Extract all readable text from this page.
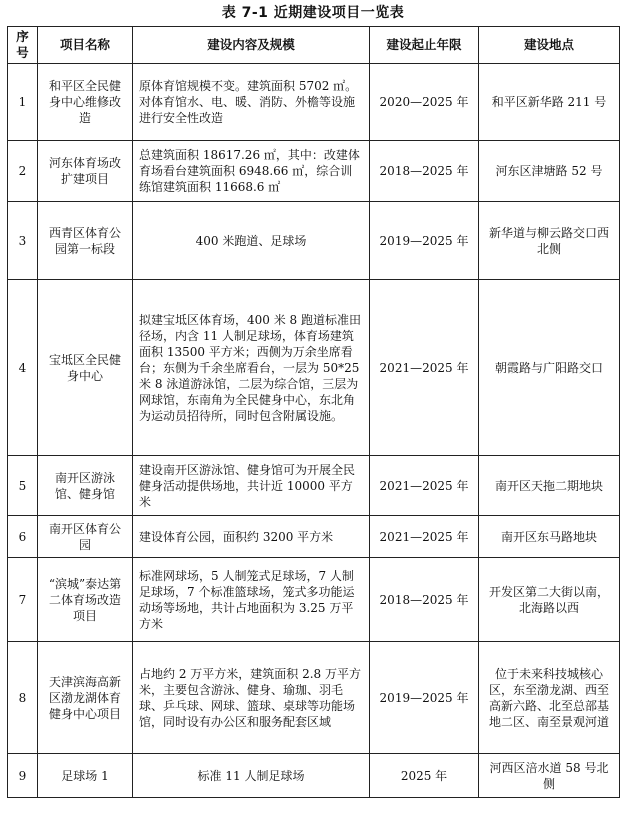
表 7-1 近期建设项目一览表
序号	项目名称	建设内容及规模	建设起止年限	建设地点
1	和平区全民健身中心维修改造	原体育馆规模不变。建筑面积 5702 ㎡。对体育馆水、电、暖、消防、外檐等设施进行安全性改造	2020—2025 年	和平区新华路 211 号
2	河东体育场改扩建项目	总建筑面积 18617.26 ㎡，其中：改建体育场看台建筑面积 6948.66 ㎡，综合训练馆建筑面积 11668.6 ㎡	2018—2025 年	河东区津塘路 52 号
3	西青区体育公园第一标段	400 米跑道、足球场	2019—2025 年	新华道与柳云路交口西北侧
4	宝坻区全民健身中心	拟建宝坻区体育场，400 米 8 跑道标准田径场，内含 11 人制足球场，体育场建筑面积 13500 平方米；西侧为万余坐席看台；东侧为千余坐席看台，一层为 50*25 米 8 泳道游泳馆，二层为综合馆，三层为网球馆，东南角为全民健身中心，东北角为运动员招待所，同时包含附属设施。	2021—2025 年	朝霞路与广阳路交口
5	南开区游泳馆、健身馆	建设南开区游泳馆、健身馆可为开展全民健身活动提供场地，共计近 10000 平方米	2021—2025 年	南开区天拖二期地块
6	南开区体育公园	建设体育公园，面积约 3200 平方米	2021—2025 年	南开区东马路地块
7	“滨城”泰达第二体育场改造项目	标准网球场，5 人制笼式足球场，7 人制足球场，7 个标准篮球场，笼式多功能运动场等场地，共计占地面积为 3.25 万平方米	2018—2025 年	开发区第二大街以南，北海路以西
8	天津滨海高新区渤龙湖体育健身中心项目	占地约 2 万平方米，建筑面积 2.8 万平方米，主要包含游泳、健身、瑜珈、羽毛球、乒乓球、网球、篮球、桌球等功能场馆，同时设有办公区和服务配套区域	2019—2025 年	位于未来科技城核心区，东至渤龙湖、西至高新六路、北至总部基地二区、南至景观河道
9	足球场 1	标准 11 人制足球场	2025 年	河西区涪水道 58 号北侧
